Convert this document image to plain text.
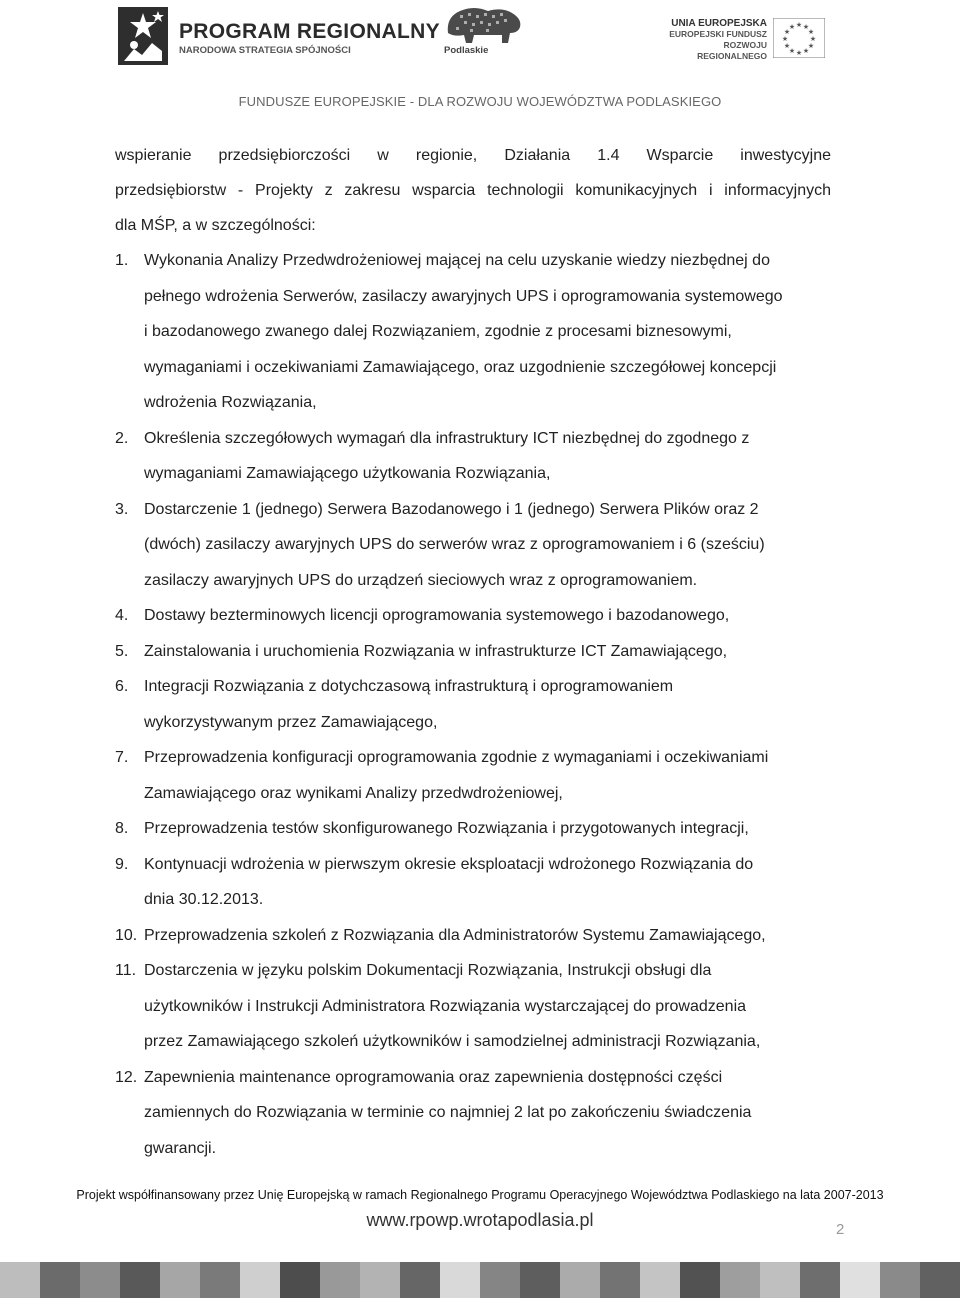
PROGRAM REGIONALNY
NARODOWA STRATEGIA SPÓJNOŚCI	Podlaskie
UNIA EUROPEJSKA
EUROPEJSKI FUNDUSZ
ROZWOJU REGIONALNEGO
★ ★
★
★
★
★
★
★
★
★
★
★
FUNDUSZE EUROPEJSKIE - DLA ROZWOJU WOJEWÓDZTWA PODLASKIEGO

wspieranie przedsiębiorczości w regionie, Działania 1.4 Wsparcie inwestycyjne

przedsiębiorstw - Projekty z zakresu wsparcia technologii komunikacyjnych i informacyjnych

dla MŚP, a w szczególności:

1. Wykonania Analizy Przedwdrożeniowej mającej na celu uzyskanie wiedzy niezbędnej do
pełnego wdrożenia Serwerów, zasilaczy awaryjnych UPS i oprogramowania systemowego
i bazodanowego zwanego dalej Rozwiązaniem, zgodnie z procesami biznesowymi,
wymaganiami i oczekiwaniami Zamawiającego, oraz uzgodnienie szczegółowej koncepcji
wdrożenia Rozwiązania,
2. Określenia szczegółowych wymagań dla infrastruktury ICT niezbędnej do zgodnego z
wymaganiami Zamawiającego użytkowania Rozwiązania,
3. Dostarczenie 1 (jednego) Serwera Bazodanowego i 1 (jednego) Serwera Plików oraz 2
(dwóch) zasilaczy awaryjnych UPS do serwerów wraz z oprogramowaniem i 6 (sześciu)
zasilaczy awaryjnych UPS do urządzeń sieciowych wraz z oprogramowaniem.
4. Dostawy bezterminowych licencji oprogramowania systemowego i bazodanowego,
5. Zainstalowania i uruchomienia Rozwiązania w infrastrukturze ICT Zamawiającego,
6. Integracji Rozwiązania z dotychczasową infrastrukturą i oprogramowaniem
wykorzystywanym przez Zamawiającego,
7. Przeprowadzenia konfiguracji oprogramowania zgodnie z wymaganiami i oczekiwaniami
Zamawiającego oraz wynikami Analizy przedwdrożeniowej,
8. Przeprowadzenia testów skonfigurowanego Rozwiązania i przygotowanych integracji,
9. Kontynuacji wdrożenia w pierwszym okresie eksploatacji wdrożonego Rozwiązania do
dnia 30.12.2013.
10. Przeprowadzenia szkoleń z Rozwiązania dla Administratorów Systemu Zamawiającego,
11. Dostarczenia w języku polskim Dokumentacji Rozwiązania, Instrukcji obsługi dla
użytkowników i Instrukcji Administratora Rozwiązania wystarczającej do prowadzenia
przez Zamawiającego szkoleń użytkowników i samodzielnej administracji Rozwiązania,
12. Zapewnienia maintenance oprogramowania oraz zapewnienia dostępności części
zamiennych do Rozwiązania w terminie co najmniej 2 lat po zakończeniu świadczenia
gwarancji.
Projekt współfinansowany przez Unię Europejską w ramach Regionalnego Programu Operacyjnego Województwa Podlaskiego na lata 2007-2013
www.rpowp.wrotapodlasia.pl	2
